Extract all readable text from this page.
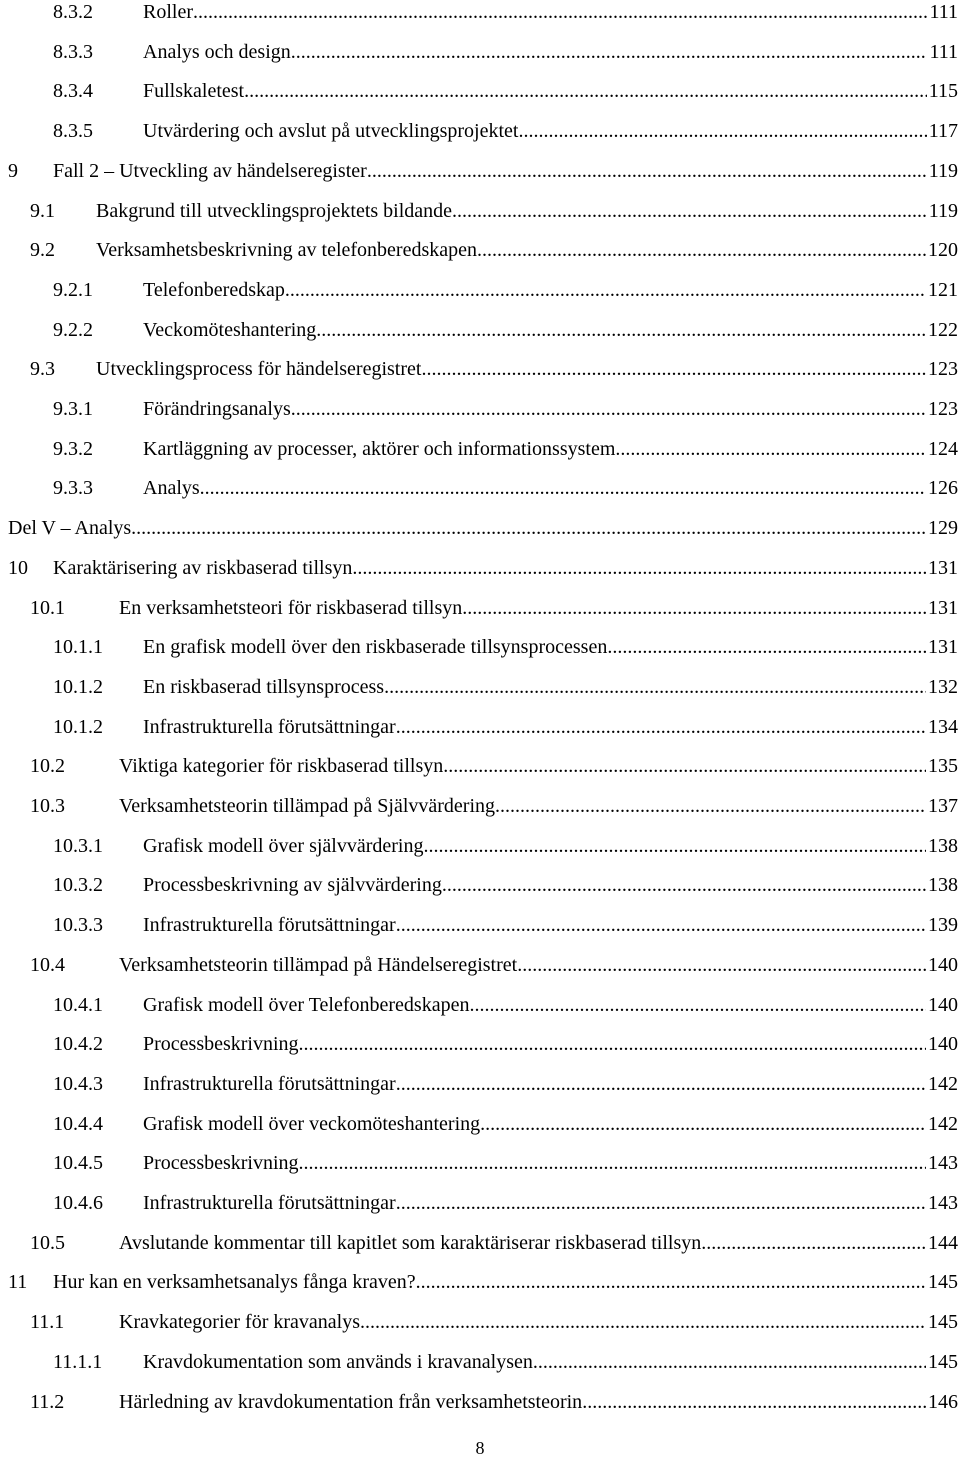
8.3.2	Roller .....	111
8.3.3	Analys och design .....	111
8.3.4	Fullskaletest .....	115
8.3.5	Utvärdering och avslut på utvecklingsprojektet .....	117
9 Fall 2 – Utveckling av händelseregister .....	119
9.1 Bakgrund till utvecklingsprojektets bildande .....	119
9.2 Verksamhetsbeskrivning av telefonberedskapen .....	120
9.2.1	Telefonberedskap .....	121
9.2.2	Veckomöteshantering .....	122
9.3 Utvecklingsprocess för händelseregistret .....	123
9.3.1	Förändringsanalys .....	123
9.3.2	Kartläggning av processer, aktörer och informationssystem .....	124
9.3.3	Analys .....	126
Del V – Analys .....	129
10 Karaktärisering av riskbaserad tillsyn .....	131
10.1	En verksamhetsteori för riskbaserad tillsyn .....	131
10.1.1 En grafisk modell över den riskbaserade tillsynsprocessen .....	131
10.1.2 En riskbaserad tillsynsprocess .....	132
10.1.2 Infrastrukturella förutsättningar .....	134
10.2	Viktiga kategorier för riskbaserad tillsyn .....	135
10.3	Verksamhetsteorin tillämpad på Självvärdering .....	137
10.3.1 Grafisk modell över självvärdering .....	138
10.3.2 Processbeskrivning av självvärdering .....	138
10.3.3 Infrastrukturella förutsättningar .....	139
10.4	Verksamhetsteorin tillämpad på Händelseregistret .....	140
10.4.1 Grafisk modell över Telefonberedskapen .....	140
10.4.2 Processbeskrivning .....	140
10.4.3 Infrastrukturella förutsättningar .....	142
10.4.4 Grafisk modell över veckomöteshantering .....	142
10.4.5 Processbeskrivning .....	143
10.4.6 Infrastrukturella förutsättningar .....	143
10.5	Avslutande kommentar till kapitlet som karaktäriserar riskbaserad tillsyn .....	144
11 Hur kan en verksamhetsanalys fånga kraven? .....	145
11.1	Kravkategorier för kravanalys .....	145
11.1.1 Kravdokumentation som används i kravanalysen .....	145
11.2	Härledning av kravdokumentation från verksamhetsteorin .....	146
8
